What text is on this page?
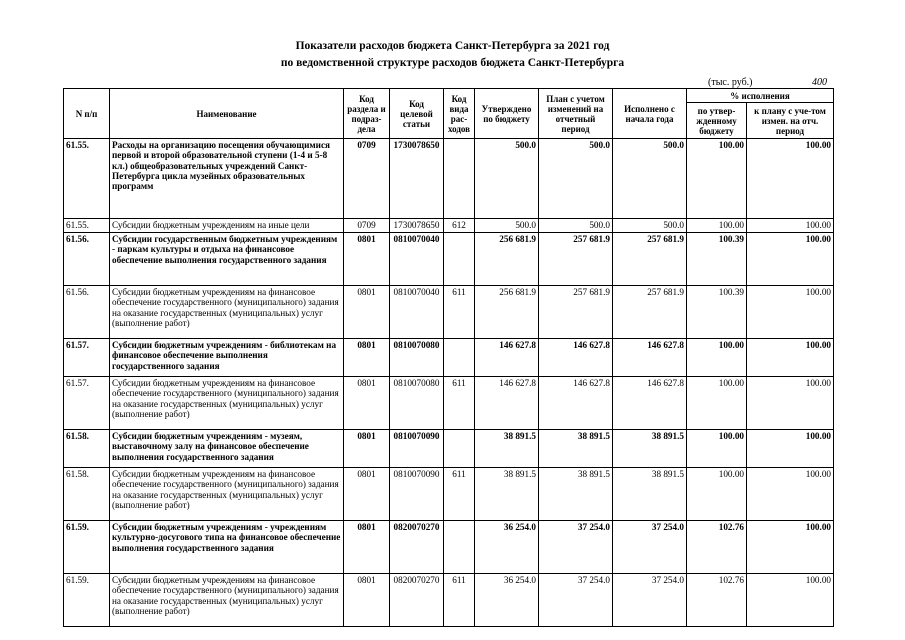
Показатели расходов бюджета Санкт-Петербурга за 2021 год
по ведомственной структуре расходов бюджета Санкт-Петербурга
(тыс. руб.)	400
N п/п	Наименование	Код раздела и подраз-дела	Код целевой статьи	Код вида рас-ходов	Утверждено по бюджету	План с учетом изменений на отчетный период	Исполнено с начала года	% исполнения	
								по утвер-жденному бюджету	к плану с уче-том измен. на отч. период
61.55.	Расходы на организацию посещения обучающимися первой и второй образовательной ступени (1-4 и 5-8 кл.) общеобразовательных учреждений Санкт-Петербурга цикла музейных образовательных программ	0709	1730078650		500.0	500.0	500.0	100.00	100.00
61.55.	Субсидии бюджетным учреждениям на иные цели	0709	1730078650	612	500.0	500.0	500.0	100.00	100.00
61.56.	Субсидии государственным бюджетным учреждениям - паркам культуры и отдыха на финансовое обеспечение выполнения государственного задания	0801	0810070040		256 681.9	257 681.9	257 681.9	100.39	100.00
61.56.	Субсидии бюджетным учреждениям на финансовое обеспечение государственного (муниципального) задания на оказание государственных (муниципальных) услуг (выполнение работ)	0801	0810070040	611	256 681.9	257 681.9	257 681.9	100.39	100.00
61.57.	Субсидии бюджетным учреждениям - библиотекам на финансовое обеспечение выполнения государственного задания	0801	0810070080		146 627.8	146 627.8	146 627.8	100.00	100.00
61.57.	Субсидии бюджетным учреждениям на финансовое обеспечение государственного (муниципального) задания на оказание государственных (муниципальных) услуг (выполнение работ)	0801	0810070080	611	146 627.8	146 627.8	146 627.8	100.00	100.00
61.58.	Субсидии бюджетным учреждениям - музеям, выставочному залу на финансовое обеспечение выполнения государственного задания	0801	0810070090		38 891.5	38 891.5	38 891.5	100.00	100.00
61.58.	Субсидии бюджетным учреждениям на финансовое обеспечение государственного (муниципального) задания на оказание государственных (муниципальных) услуг (выполнение работ)	0801	0810070090	611	38 891.5	38 891.5	38 891.5	100.00	100.00
61.59.	Субсидии бюджетным учреждениям - учреждениям культурно-досугового типа на финансовое обеспечение выполнения государственного задания	0801	0820070270		36 254.0	37 254.0	37 254.0	102.76	100.00
61.59.	Субсидии бюджетным учреждениям на финансовое обеспечение государственного (муниципального) задания на оказание государственных (муниципальных) услуг (выполнение работ)	0801	0820070270	611	36 254.0	37 254.0	37 254.0	102.76	100.00
